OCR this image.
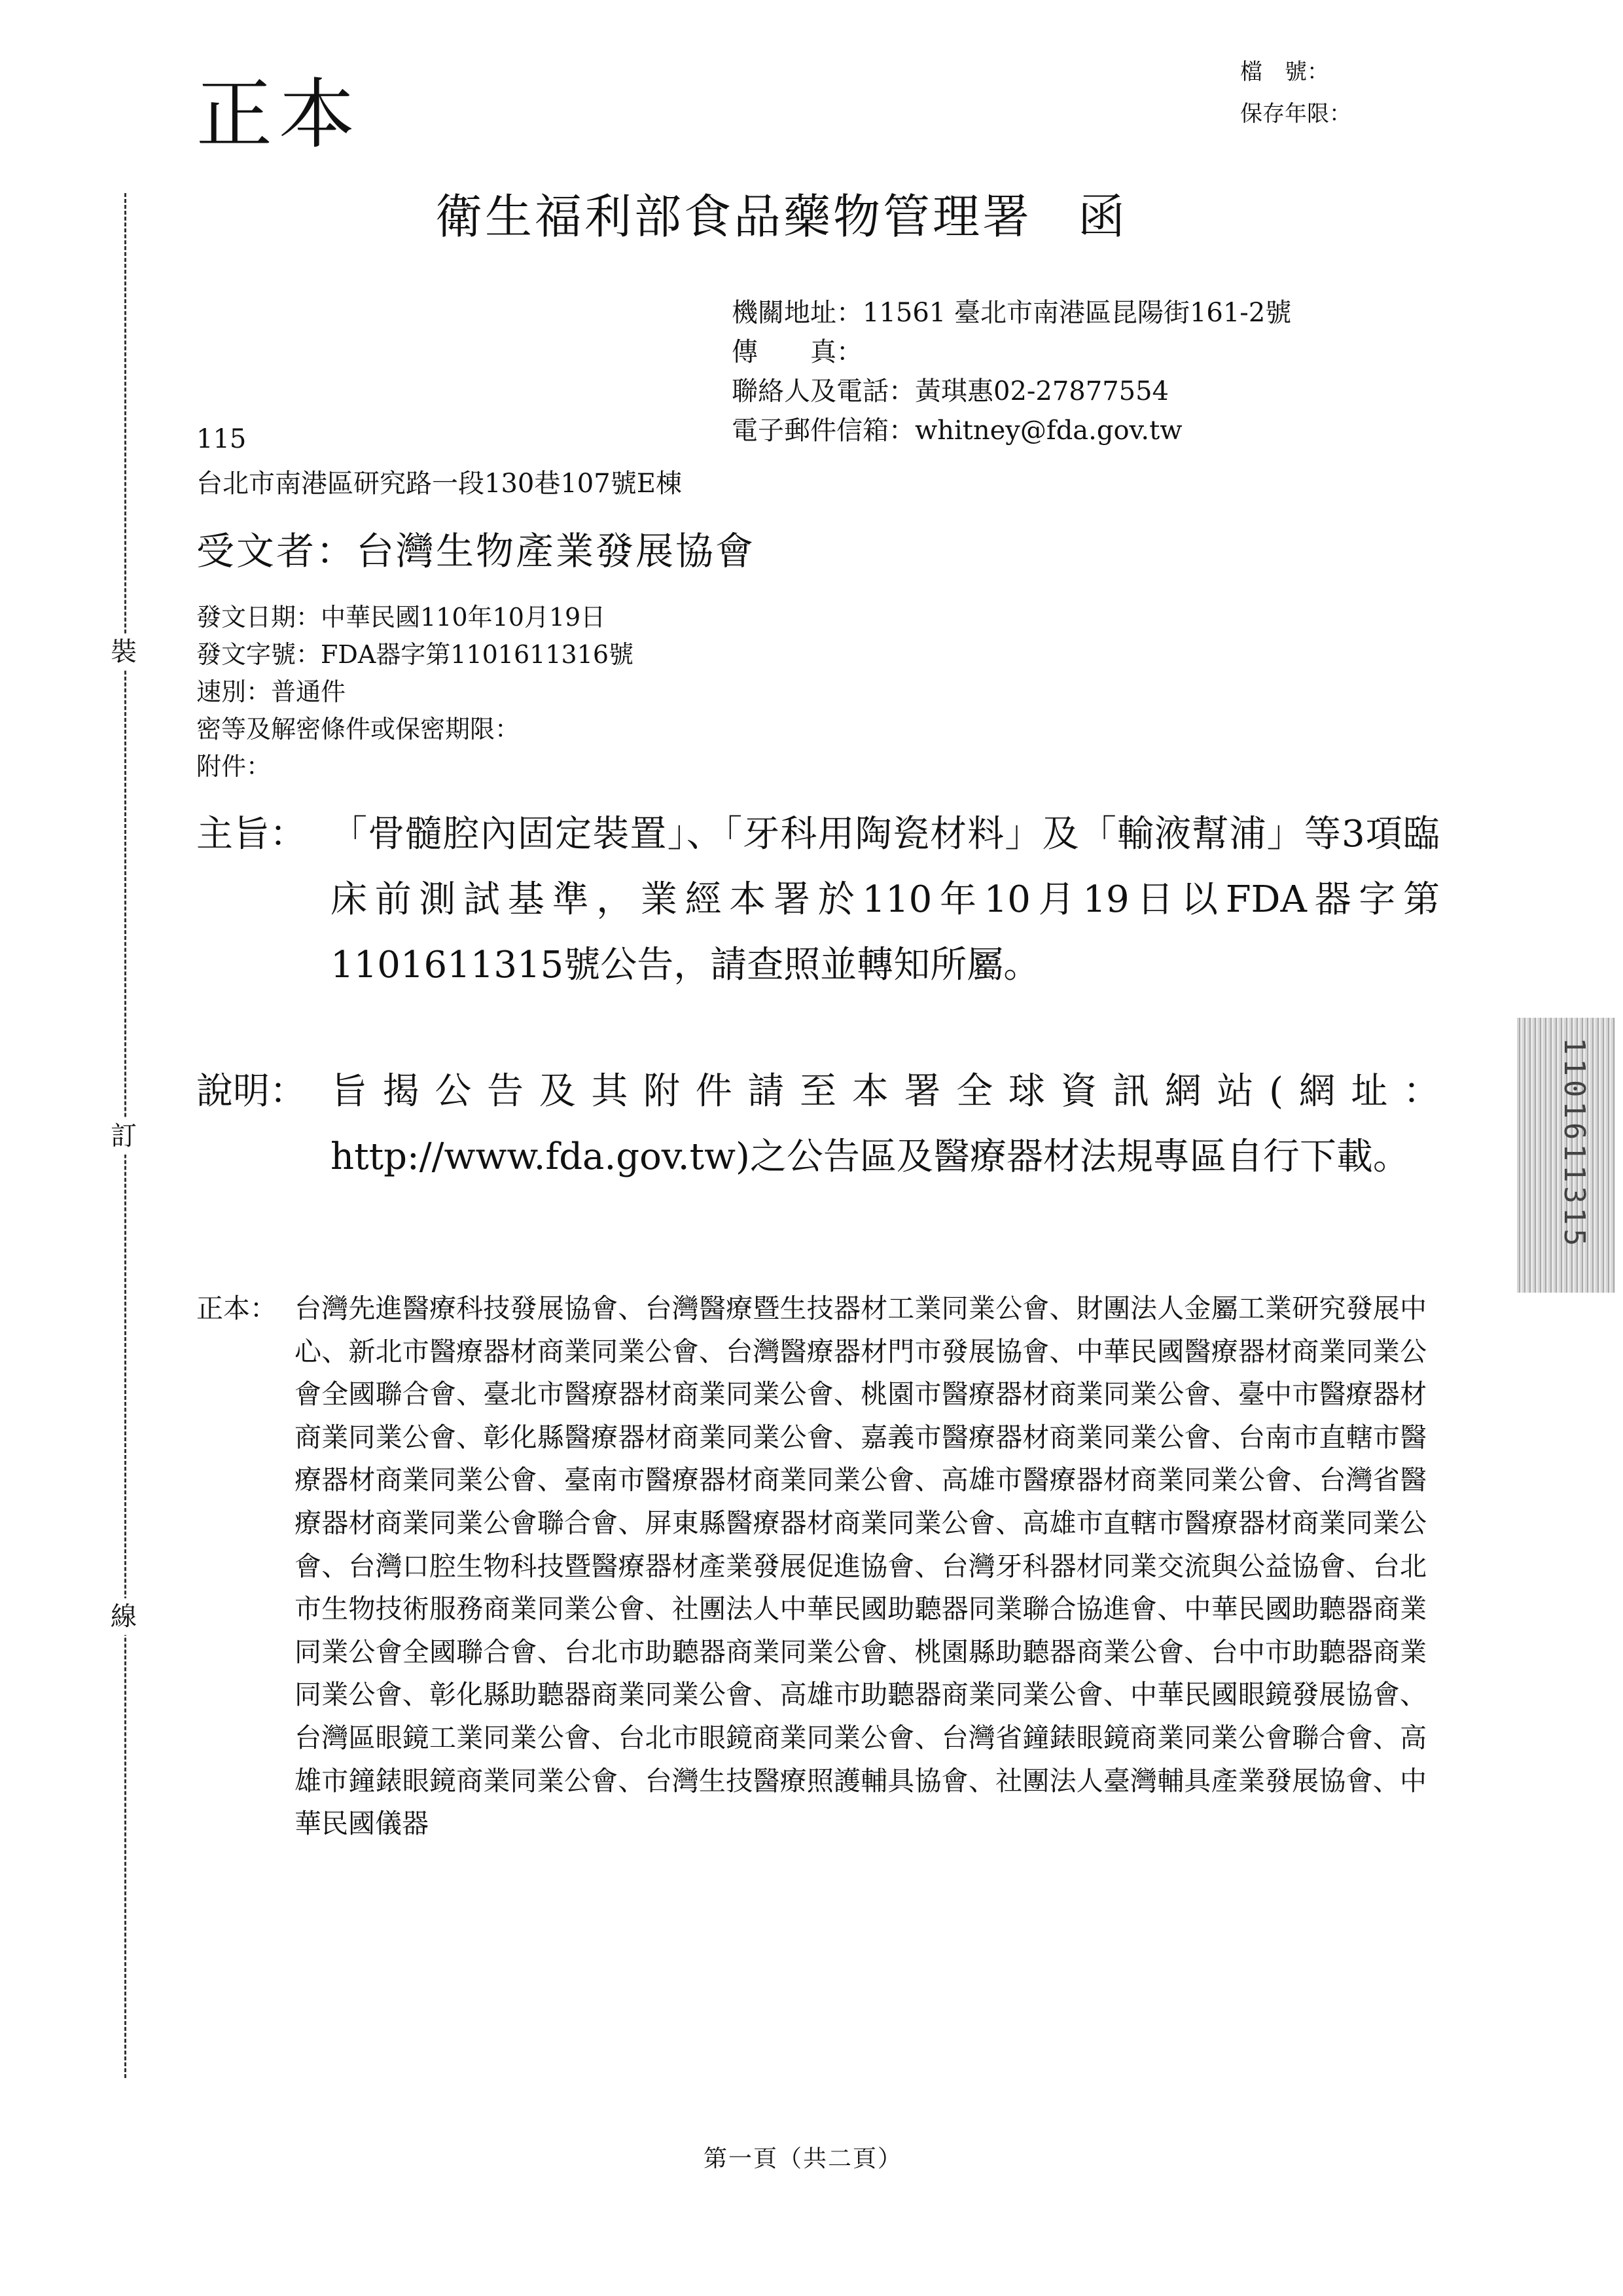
正本	檔　號：
保存年限：
衛生福利部食品藥物管理署 函
機關地址 ： 11561 臺北市南港區昆陽街161-2號
傳　　真 ：
聯絡人及電話 ： 黃琪惠02-27877554
電子郵件信箱 ： whitney@fda.gov.tw
115
台北市南港區研究路一段130巷107號E棟
受文者：台灣生物產業發展協會
發文日期：中華民國110年10月19日
發文字號：FDA器字第1101611316號
速別：普通件
密等及解密條件或保密期限：
附件：
主旨： 「骨髓腔內固定裝置」、「牙科用陶瓷材料」及「輸液幫浦」等3項臨床前測試基準，業經本署於110年10月19日以FDA器字第1101611315號公告，請查照並轉知所屬。
說明： 旨揭公告及其附件請至本署全球資訊網站(網址：http://www.fda.gov.tw)之公告區及醫療器材法規專區自行下載。
正本： 台灣先進醫療科技發展協會、台灣醫療暨生技器材工業同業公會、財團法人金屬工業研究發展中心、新北市醫療器材商業同業公會、台灣醫療器材門市發展協會、中華民國醫療器材商業同業公會全國聯合會、臺北市醫療器材商業同業公會、桃園市醫療器材商業同業公會、臺中市醫療器材商業同業公會、彰化縣醫療器材商業同業公會、嘉義市醫療器材商業同業公會、台南市直轄市醫療器材商業同業公會、臺南市醫療器材商業同業公會、高雄市醫療器材商業同業公會、台灣省醫療器材商業同業公會聯合會、屏東縣醫療器材商業同業公會、高雄市直轄市醫療器材商業同業公會、台灣口腔生物科技暨醫療器材產業發展促進協會、台灣牙科器材同業交流與公益協會、台北市生物技術服務商業同業公會、社團法人中華民國助聽器同業聯合協進會、中華民國助聽器商業同業公會全國聯合會、台北市助聽器商業同業公會、桃園縣助聽器商業公會、台中市助聽器商業同業公會、彰化縣助聽器商業同業公會、高雄市助聽器商業同業公會、中華民國眼鏡發展協會、台灣區眼鏡工業同業公會、台北市眼鏡商業同業公會、台灣省鐘錶眼鏡商業同業公會聯合會、高雄市鐘錶眼鏡商業同業公會、台灣生技醫療照護輔具協會、社團法人臺灣輔具產業發展協會、中華民國儀器
裝
訂
線
1101611315
第一頁（共二頁）
